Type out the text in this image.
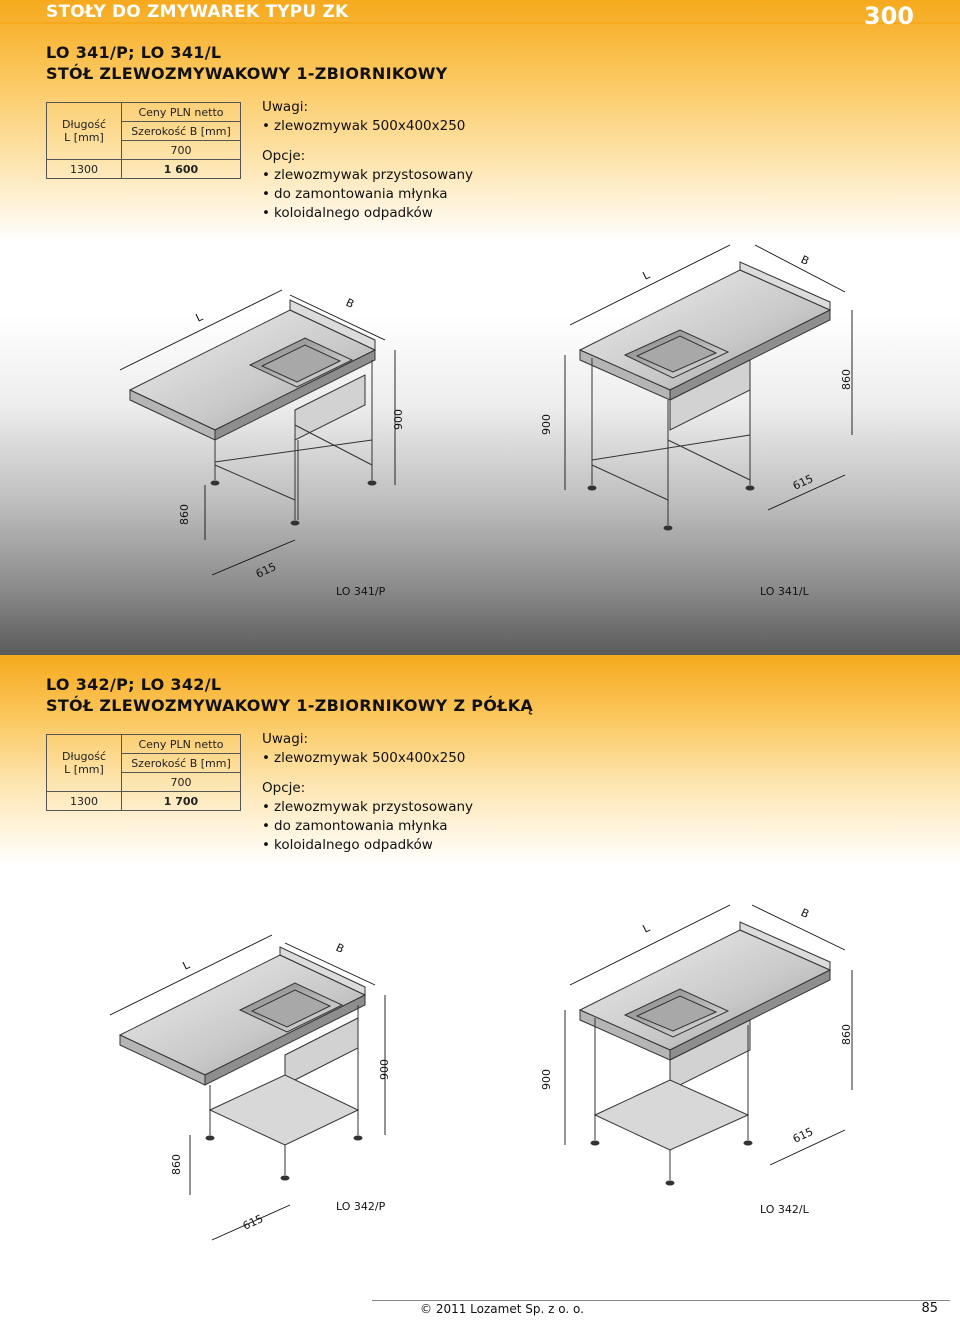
STOŁY DO ZMYWAREK TYPU ZK	300
LO 341/P; LO 341/L
STÓŁ ZLEWOZMYWAKOWY 1-ZBIORNIKOWY
Długość
L [mm]	Ceny PLN netto
	Szerokość B [mm]
	700
1300	1 600
Uwagi:
• zlewozmywak 500x400x250
Opcje:
• zlewozmywak przystosowany
• do zamontowania młynka
• koloidalnego odpadków
L
B
900
860
615
L
B
900
860
615
LO 341/P	LO 341/L
LO 342/P; LO 342/L
STÓŁ ZLEWOZMYWAKOWY 1-ZBIORNIKOWY Z PÓŁKĄ
Długość
L [mm]	Ceny PLN netto
	Szerokość B [mm]
	700
1300	1 700
Uwagi:
• zlewozmywak 500x400x250
Opcje:
• zlewozmywak przystosowany
• do zamontowania młynka
• koloidalnego odpadków
L
B
900
860
615
L
B
900
860
615
LO 342/P	LO 342/L
© 2011 Lozamet Sp. z o. o.	85
